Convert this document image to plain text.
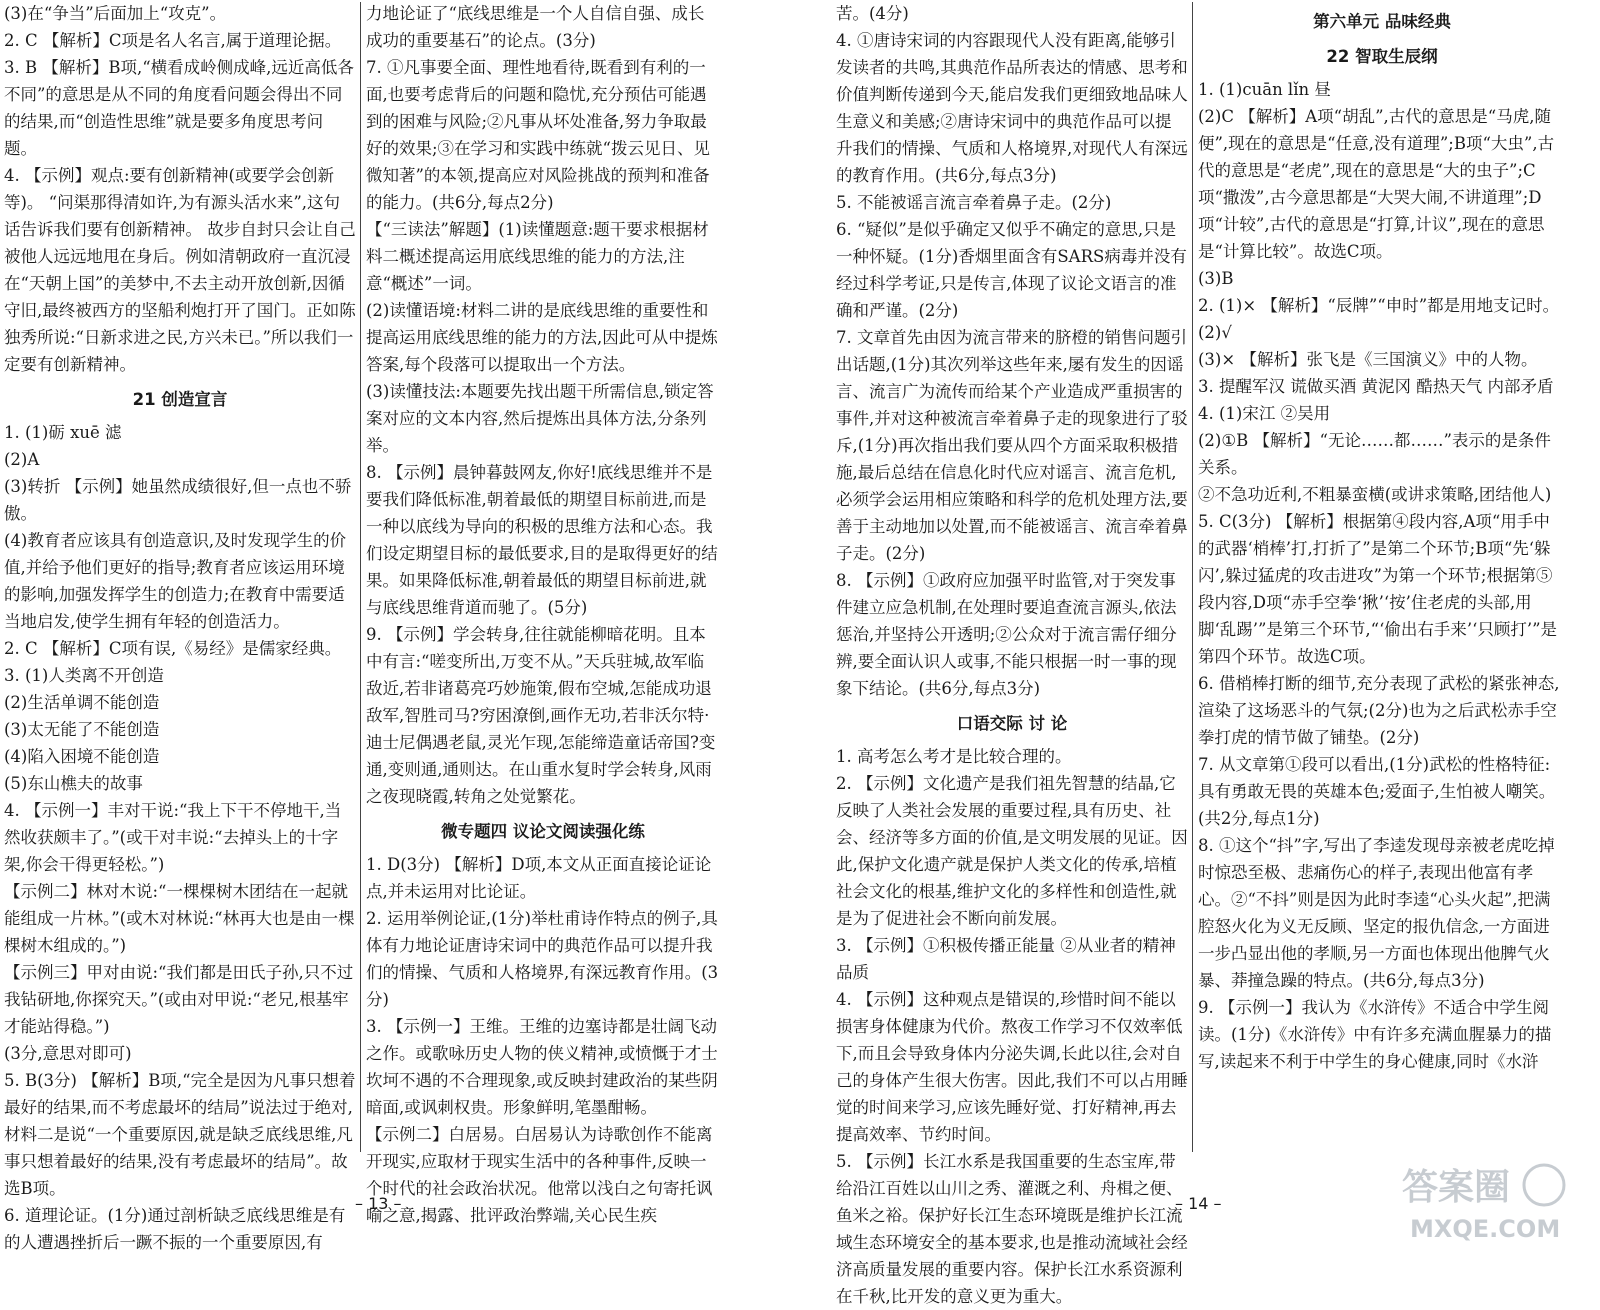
(3)在“争当”后面加上“攻克”。

2. C 【解析】C项是名人名言,属于道理论据。

3. B 【解析】B项,“横看成岭侧成峰,远近高低各不同”的意思是从不同的角度看问题会得出不同的结果,而“创造性思维”就是要多角度思考问题。

4. 【示例】观点:要有创新精神(或要学会创新等)。 “问渠那得清如许,为有源头活水来”,这句话告诉我们要有创新精神。 故步自封只会让自己被他人远远地甩在身后。例如清朝政府一直沉浸在“天朝上国”的美梦中,不去主动开放创新,因循守旧,最终被西方的坚船利炮打开了国门。正如陈独秀所说:“日新求进之民,方兴未已。”所以我们一定要有创新精神。

21 创造宣言

1. (1)砺 xuē 滤

(2)A

(3)转折 【示例】她虽然成绩很好,但一点也不骄傲。

(4)教育者应该具有创造意识,及时发现学生的价值,并给予他们更好的指导;教育者应该运用环境的影响,加强发挥学生的创造力;在教育中需要适当地启发,使学生拥有年轻的创造活力。

2. C 【解析】C项有误,《易经》是儒家经典。

3. (1)人类离不开创造

(2)生活单调不能创造

(3)太无能了不能创造

(4)陷入困境不能创造

(5)东山樵夫的故事

4. 【示例一】丰对干说:“我上下干不停地干,当然收获颇丰了。”(或干对丰说:“去掉头上的十字架,你会干得更轻松。”)

【示例二】林对木说:“一棵棵树木团结在一起就能组成一片林。”(或木对林说:“林再大也是由一棵棵树木组成的。”)

【示例三】甲对由说:“我们都是田氏子孙,只不过我钻研地,你探究天。”(或由对甲说:“老兄,根基牢才能站得稳。”)

(3分,意思对即可)

5. B(3分) 【解析】B项,“完全是因为凡事只想着最好的结果,而不考虑最坏的结局”说法过于绝对,材料二是说“一个重要原因,就是缺乏底线思维,凡事只想着最好的结果,没有考虑最坏的结局”。故选B项。

6. 道理论证。(1分)通过剖析缺乏底线思维是有的人遭遇挫折后一蹶不振的一个重要原因,有

力地论证了“底线思维是一个人自信自强、成长成功的重要基石”的论点。(3分)

7. ①凡事要全面、理性地看待,既看到有利的一面,也要考虑背后的问题和隐忧,充分预估可能遇到的困难与风险;②凡事从坏处准备,努力争取最好的效果;③在学习和实践中练就“拨云见日、见微知著”的本领,提高应对风险挑战的预判和准备的能力。(共6分,每点2分)

【“三读法”解题】(1)读懂题意:题干要求根据材料二概述提高运用底线思维的能力的方法,注意“概述”一词。

(2)读懂语境:材料二讲的是底线思维的重要性和提高运用底线思维的能力的方法,因此可从中提炼答案,每个段落可以提取出一个方法。

(3)读懂技法:本题要先找出题干所需信息,锁定答案对应的文本内容,然后提炼出具体方法,分条列举。

8. 【示例】晨钟暮鼓网友,你好!底线思维并不是要我们降低标准,朝着最低的期望目标前进,而是一种以底线为导向的积极的思维方法和心态。我们设定期望目标的最低要求,目的是取得更好的结果。如果降低标准,朝着最低的期望目标前进,就与底线思维背道而驰了。(5分)

9. 【示例】学会转身,往往就能柳暗花明。且本中有言:“嗟变所出,万变不从。”天兵驻城,故军临敌近,若非诸葛亮巧妙施策,假布空城,怎能成功退敌军,智胜司马?穷困潦倒,画作无功,若非沃尔特·迪士尼偶遇老鼠,灵光乍现,怎能缔造童话帝国?变通,变则通,通则达。在山重水复时学会转身,风雨之夜现晓霞,转角之处觉繁花。

微专题四 议论文阅读强化练

1. D(3分) 【解析】D项,本文从正面直接论证论点,并未运用对比论证。

2. 运用举例论证,(1分)举杜甫诗作特点的例子,具体有力地论证唐诗宋词中的典范作品可以提升我们的情操、气质和人格境界,有深远教育作用。(3分)

3. 【示例一】王维。王维的边塞诗都是壮阔飞动之作。或歌咏历史人物的侠义精神,或愤慨于才士坎坷不遇的不合理现象,或反映封建政治的某些阴暗面,或讽刺权贵。形象鲜明,笔墨酣畅。

【示例二】白居易。白居易认为诗歌创作不能离开现实,应取材于现实生活中的各种事件,反映一个时代的社会政治状况。他常以浅白之句寄托讽喻之意,揭露、批评政治弊端,关心民生疾

苦。(4分)

4. ①唐诗宋词的内容跟现代人没有距离,能够引发读者的共鸣,其典范作品所表达的情感、思考和价值判断传递到今天,能启发我们更细致地品味人生意义和美感;②唐诗宋词中的典范作品可以提升我们的情操、气质和人格境界,对现代人有深远的教育作用。(共6分,每点3分)

5. 不能被谣言流言牵着鼻子走。(2分)

6. “疑似”是似乎确定又似乎不确定的意思,只是一种怀疑。(1分)香烟里面含有SARS病毒并没有经过科学考证,只是传言,体现了议论文语言的准确和严谨。(2分)

7. 文章首先由因为流言带来的脐橙的销售问题引出话题,(1分)其次列举这些年来,屡有发生的因谣言、流言广为流传而给某个产业造成严重损害的事件,并对这种被流言牵着鼻子走的现象进行了驳斥,(1分)再次指出我们要从四个方面采取积极措施,最后总结在信息化时代应对谣言、流言危机,必须学会运用相应策略和科学的危机处理方法,要善于主动地加以处置,而不能被谣言、流言牵着鼻子走。(2分)

8. 【示例】①政府应加强平时监管,对于突发事件建立应急机制,在处理时要追查流言源头,依法惩治,并坚持公开透明;②公众对于流言需仔细分辨,要全面认识人或事,不能只根据一时一事的现象下结论。(共6分,每点3分)

口语交际 讨 论

1. 高考怎么考才是比较合理的。

2. 【示例】文化遗产是我们祖先智慧的结晶,它反映了人类社会发展的重要过程,具有历史、社会、经济等多方面的价值,是文明发展的见证。因此,保护文化遗产就是保护人类文化的传承,培植社会文化的根基,维护文化的多样性和创造性,就是为了促进社会不断向前发展。

3. 【示例】①积极传播正能量 ②从业者的精神品质

4. 【示例】这种观点是错误的,珍惜时间不能以损害身体健康为代价。熬夜工作学习不仅效率低下,而且会导致身体内分泌失调,长此以往,会对自己的身体产生很大伤害。因此,我们不可以占用睡觉的时间来学习,应该先睡好觉、打好精神,再去提高效率、节约时间。

5. 【示例】长江水系是我国重要的生态宝库,带给沿江百姓以山川之秀、灌溉之利、舟楫之便、鱼米之裕。保护好长江生态环境既是维护长江流域生态环境安全的基本要求,也是推动流域社会经济高质量发展的重要内容。保护长江水系资源利在千秋,比开发的意义更为重大。

第六单元 品味经典

22 智取生辰纲

1. (1)cuān lǐn 昼

(2)C 【解析】A项“胡乱”,古代的意思是“马虎,随便”,现在的意思是“任意,没有道理”;B项“大虫”,古代的意思是“老虎”,现在的意思是“大的虫子”;C项“撒泼”,古今意思都是“大哭大闹,不讲道理”;D项“计较”,古代的意思是“打算,计议”,现在的意思是“计算比较”。故选C项。

(3)B

2. (1)× 【解析】“辰牌”“申时”都是用地支记时。

(2)√

(3)× 【解析】张飞是《三国演义》中的人物。

3. 提醒军汉 谎做买酒 黄泥冈 酷热天气 内部矛盾

4. (1)宋江 ②吴用

(2)①B 【解析】“无论……都……”表示的是条件关系。

②不急功近利,不粗暴蛮横(或讲求策略,团结他人)

5. C(3分) 【解析】根据第④段内容,A项“用手中的武器‘梢棒’打,打折了”是第二个环节;B项“先‘躲闪’,躲过猛虎的攻击进攻”为第一个环节;根据第⑤段内容,D项“赤手空拳‘揪’‘按’住老虎的头部,用脚‘乱踢’”是第三个环节,“‘偷出右手来’‘只顾打’”是第四个环节。故选C项。

6. 借梢棒打断的细节,充分表现了武松的紧张神态,渲染了这场恶斗的气氛;(2分)也为之后武松赤手空拳打虎的情节做了铺垫。(2分)

7. 从文章第①段可以看出,(1分)武松的性格特征:具有勇敢无畏的英雄本色;爱面子,生怕被人嘲笑。(共2分,每点1分)

8. ①这个“抖”字,写出了李逵发现母亲被老虎吃掉时惊恐至极、悲痛伤心的样子,表现出他富有孝心。②“不抖”则是因为此时李逵“心头火起”,把满腔怒火化为义无反顾、坚定的报仇信念,一方面进一步凸显出他的孝顺,另一方面也体现出他脾气火暴、莽撞急躁的特点。(共6分,每点3分)

9. 【示例一】我认为《水浒传》不适合中学生阅读。(1分)《水浒传》中有许多充满血腥暴力的描写,读起来不利于中学生的身心健康,同时《水浒

– 13 –	– 14 –	答案圈
MXQE.COM
